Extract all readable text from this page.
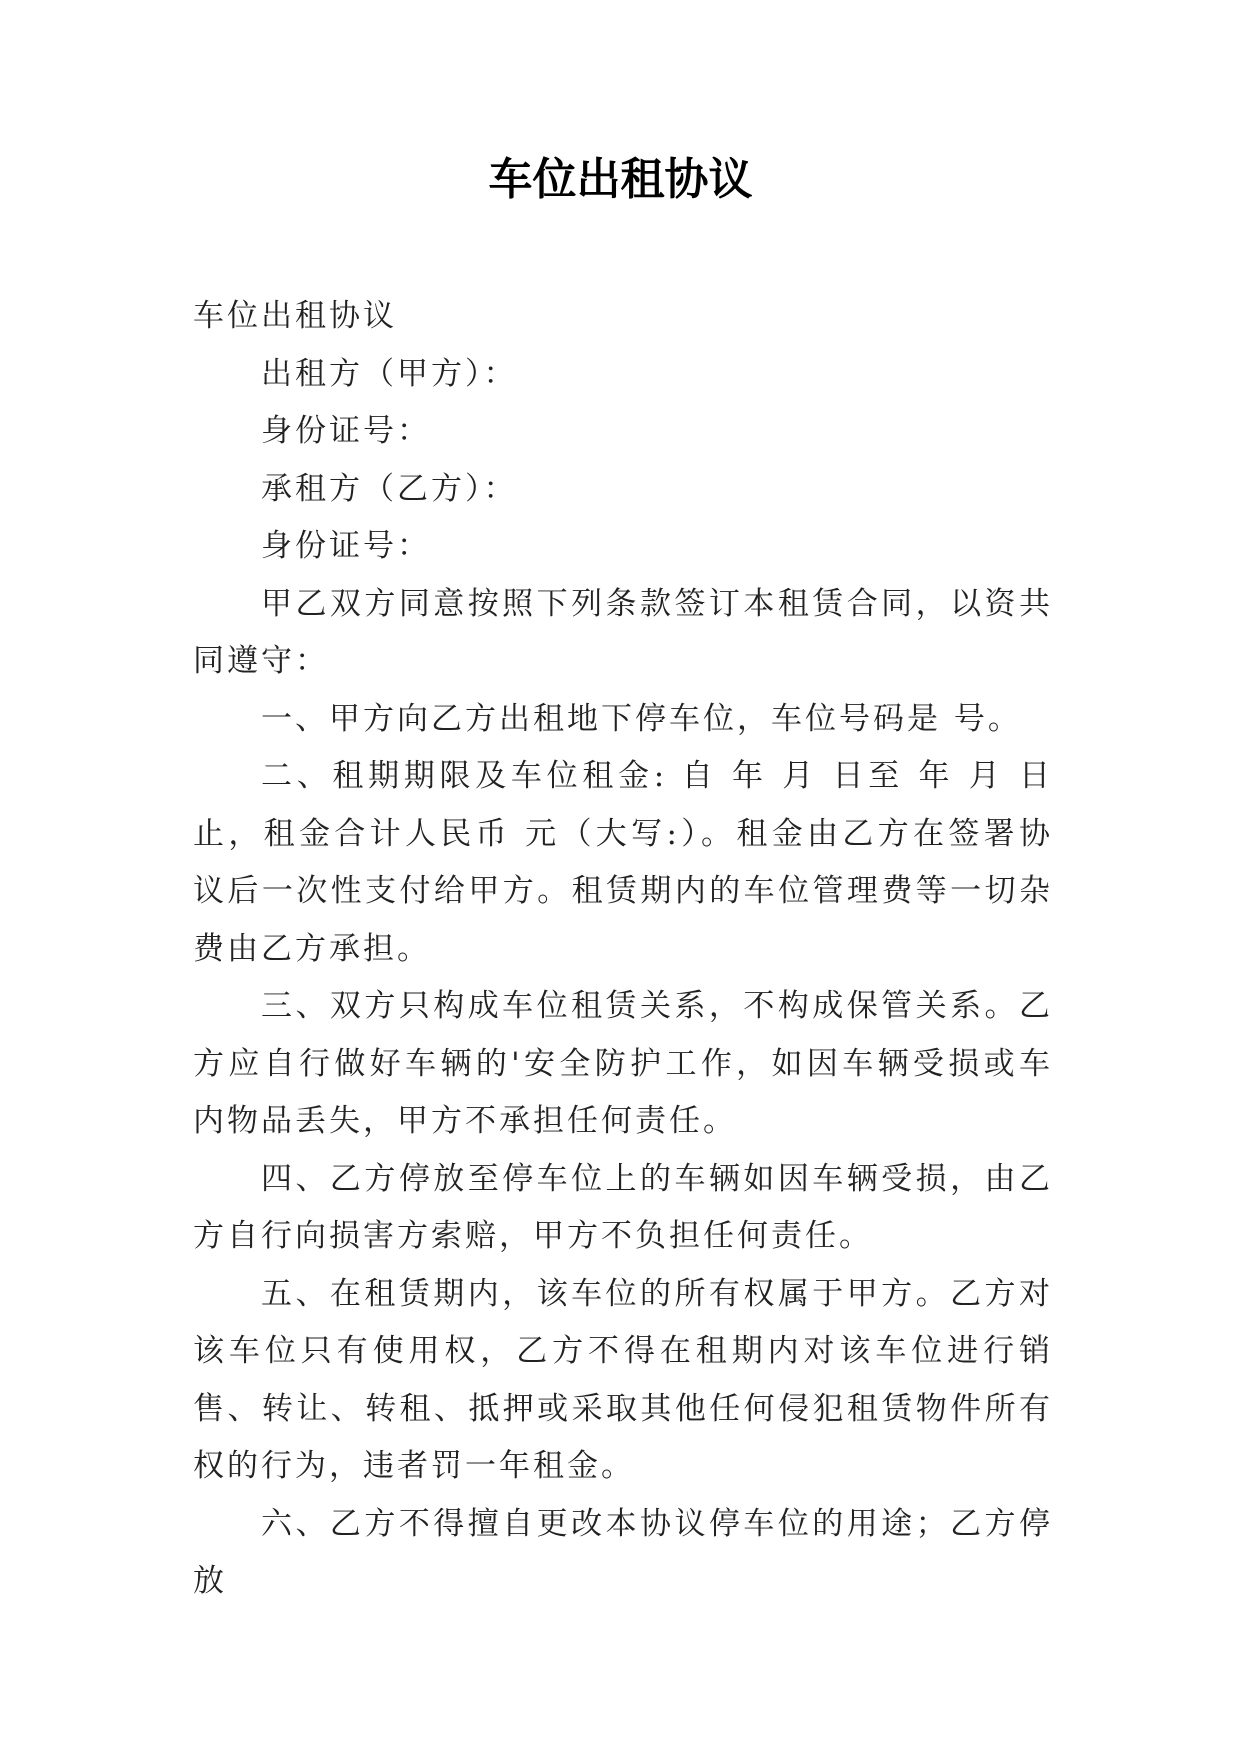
车位出租协议

车位出租协议

出租方（甲方）：

身份证号：

承租方（乙方）：

身份证号：

甲乙双方同意按照下列条款签订本租赁合同，以资共同遵守：

一、甲方向乙方出租地下停车位，车位号码是 号。

二、租期期限及车位租金: 自 年 月 日至 年 月 日止，租金合计人民币 元（大写:）。租金由乙方在签署协议后一次性支付给甲方。租赁期内的车位管理费等一切杂费由乙方承担。

三、双方只构成车位租赁关系，不构成保管关系。乙方应自行做好车辆的'安全防护工作，如因车辆受损或车内物品丢失，甲方不承担任何责任。

四、乙方停放至停车位上的车辆如因车辆受损，由乙方自行向损害方索赔，甲方不负担任何责任。

五、在租赁期内，该车位的所有权属于甲方。乙方对该车位只有使用权，乙方不得在租期内对该车位进行销售、转让、转租、抵押或采取其他任何侵犯租赁物件所有权的行为，违者罚一年租金。

六、乙方不得擅自更改本协议停车位的用途；乙方停放
